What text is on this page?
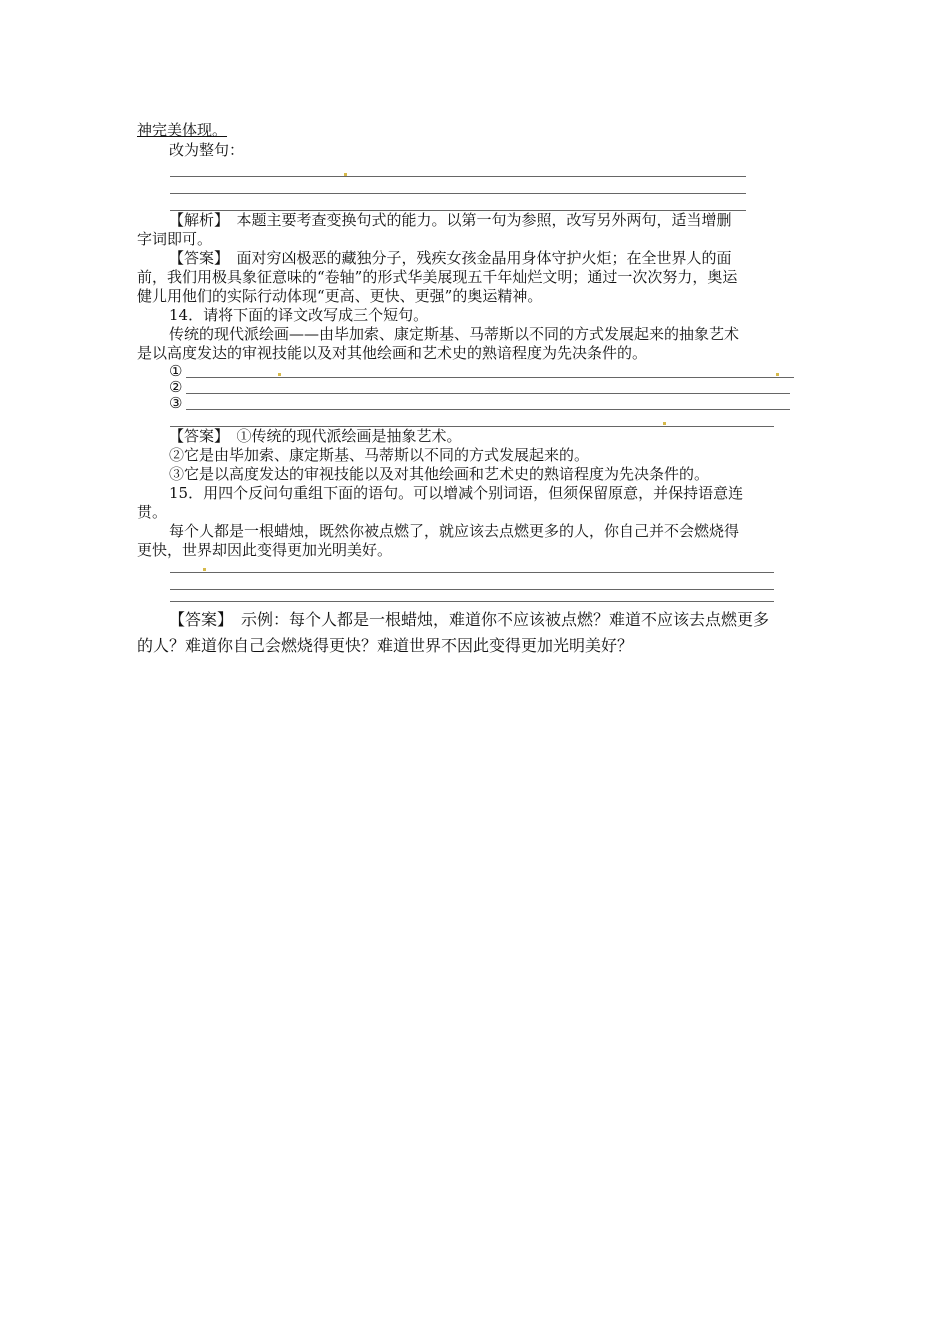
神完美体现。
改为整句：
【解析】　本题主要考查变换句式的能力。以第一句为参照，改写另外两句，适当增删
字词即可。
【答案】　面对穷凶极恶的藏独分子，残疾女孩金晶用身体守护火炬；在全世界人的面
前，我们用极具象征意味的“卷轴”的形式华美展现五千年灿烂文明；通过一次次努力，奥运
健儿用他们的实际行动体现“更高、更快、更强”的奥运精神。
14．请将下面的译文改写成三个短句。
传统的现代派绘画——由毕加索、康定斯基、马蒂斯以不同的方式发展起来的抽象艺术
是以高度发达的审视技能以及对其他绘画和艺术史的熟谙程度为先决条件的。
①
②
③
【答案】　①传统的现代派绘画是抽象艺术。
②它是由毕加索、康定斯基、马蒂斯以不同的方式发展起来的。
③它是以高度发达的审视技能以及对其他绘画和艺术史的熟谙程度为先决条件的。
15．用四个反问句重组下面的语句。可以增减个别词语，但须保留原意，并保持语意连
贯。
每个人都是一根蜡烛，既然你被点燃了，就应该去点燃更多的人，你自己并不会燃烧得
更快，世界却因此变得更加光明美好。
【答案】　示例：每个人都是一根蜡烛，难道你不应该被点燃？难道不应该去点燃更多
的人？难道你自己会燃烧得更快？难道世界不因此变得更加光明美好？
